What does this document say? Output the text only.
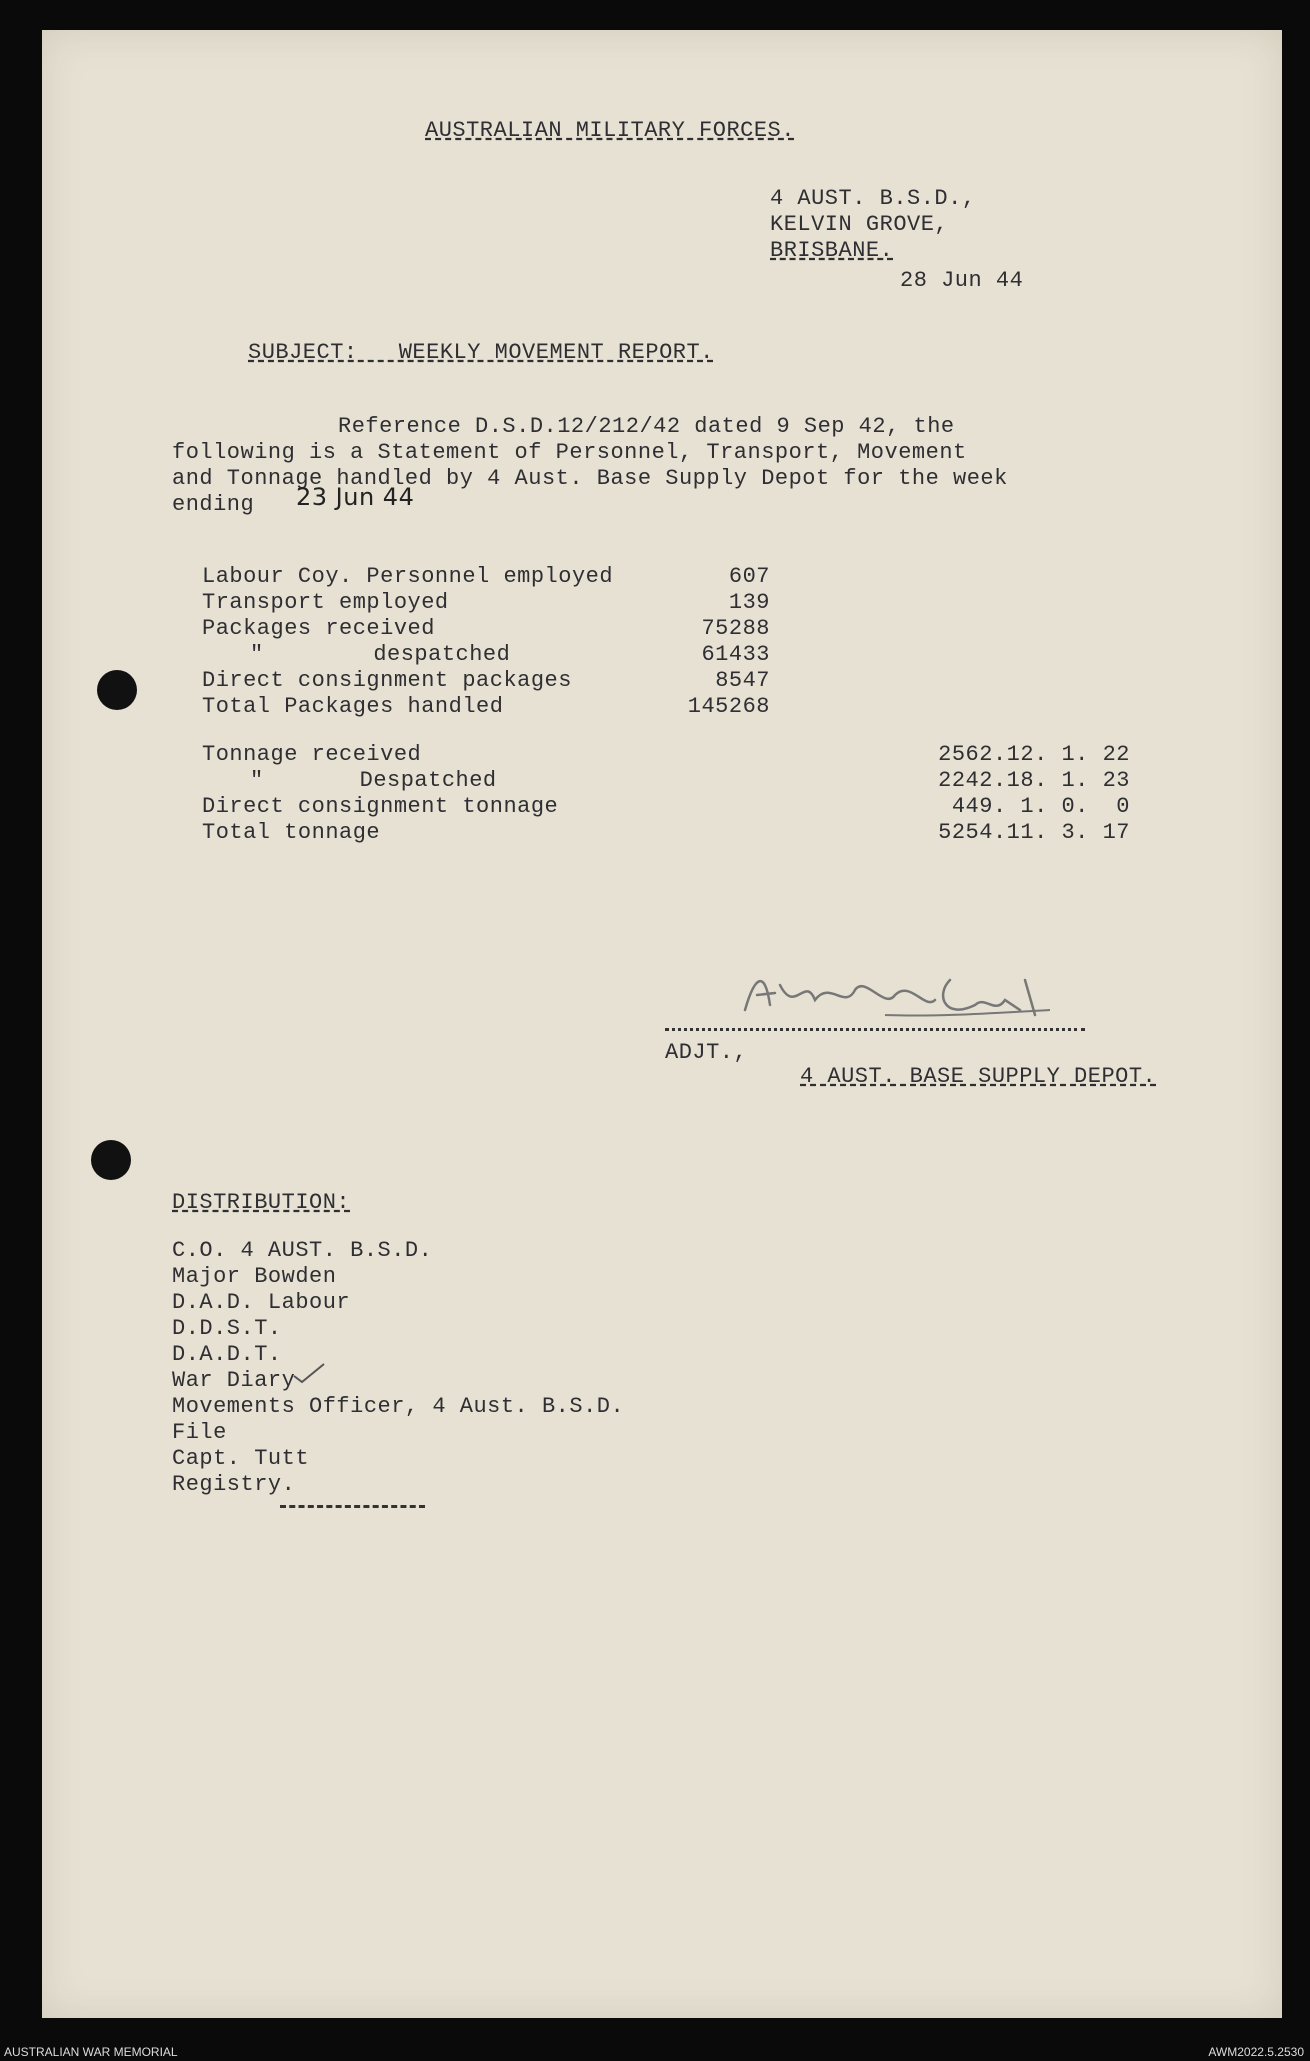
AUSTRALIAN MILITARY FORCES.
4 AUST. B.S.D.,
KELVIN GROVE,
BRISBANE.
28 Jun 44
SUBJECT:   WEEKLY MOVEMENT REPORT.
Reference D.S.D.12/212/42 dated 9 Sep 42, the
following is a Statement of Personnel, Transport, Movement
and Tonnage handled by 4 Aust. Base Supply Depot for the week
ending 23 Jun 44
Labour Coy. Personnel employed	607
Transport employed	139
Packages received	75288
"        despatched	61433
Direct consignment packages	8547
Total Packages handled	145268
Tonnage received	2562.12. 1. 22
"       Despatched	2242.18. 1. 23
Direct consignment tonnage	449. 1. 0.  0
Total tonnage	5254.11. 3. 17
ADJT.,
4 AUST. BASE SUPPLY DEPOT.
DISTRIBUTION:
C.O. 4 AUST. B.S.D.
Major Bowden
D.A.D. Labour
D.D.S.T.
D.A.D.T.
War Diary
Movements Officer, 4 Aust. B.S.D.
File
Capt. Tutt
Registry.
AUSTRALIAN WAR MEMORIAL	AWM2022.5.2530
